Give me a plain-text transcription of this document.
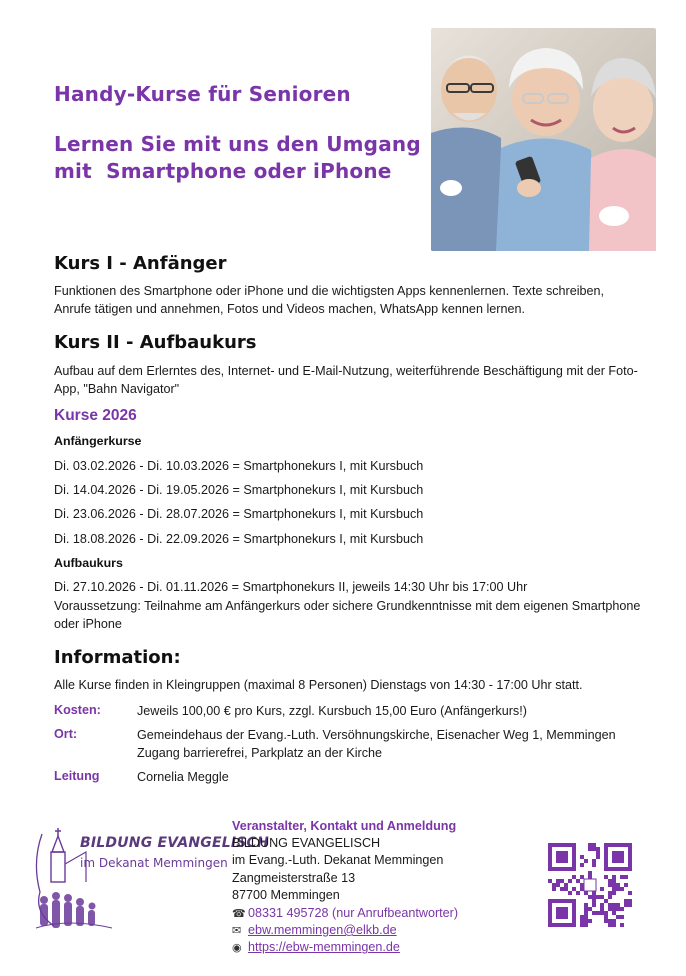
Handy-Kurse für Senioren
Lernen Sie mit uns den Umgang
mit  Smartphone oder iPhone
Kurs I - Anfänger
Funktionen des Smartphone oder iPhone und die wichtigsten Apps kennenlernen. Texte schreiben,
Anrufe tätigen und annehmen, Fotos und Videos machen, WhatsApp kennen lernen.
Kurs II - Aufbaukurs
Aufbau auf dem Erlerntes des, Internet- und E-Mail-Nutzung, weiterführende Beschäftigung mit der Foto-
App, "Bahn Navigator"
Kurse 2026
Anfängerkurse
Di. 03.02.2026 - Di. 10.03.2026 = Smartphonekurs I, mit Kursbuch
Di. 14.04.2026 - Di. 19.05.2026 = Smartphonekurs I, mit Kursbuch
Di. 23.06.2026 - Di. 28.07.2026 = Smartphonekurs I, mit Kursbuch
Di. 18.08.2026 - Di. 22.09.2026 = Smartphonekurs I, mit Kursbuch
Aufbaukurs
Di. 27.10.2026 - Di. 01.11.2026 = Smartphonekurs II, jeweils 14:30 Uhr bis 17:00 Uhr
Voraussetzung: Teilnahme am Anfängerkurs oder sichere Grundkenntnisse mit dem eigenen Smartphone
oder iPhone
Information:
Alle Kurse finden in Kleingruppen (maximal 8 Personen) Dienstags von 14:30 - 17:00 Uhr statt.
Kosten:	Jeweils 100,00 € pro Kurs, zzgl. Kursbuch 15,00 Euro (Anfängerkurs!)
Ort:	Gemeindehaus der Evang.-Luth. Versöhnungskirche, Eisenacher Weg 1, Memmingen
Zugang barrierefrei, Parkplatz an der Kirche
Leitung	Cornelia Meggle
BILDUNG EVANGELISCH
im Dekanat Memmingen
Veranstalter, Kontakt und Anmeldung
BILDUNG EVANGELISCH
im Evang.-Luth. Dekanat Memmingen
Zangmeisterstraße 13
87700 Memmingen
☎ 08331 495728 (nur Anrufbeantworter)
✉ ebw.memmingen@elkb.de
◉ https://ebw-memmingen.de
